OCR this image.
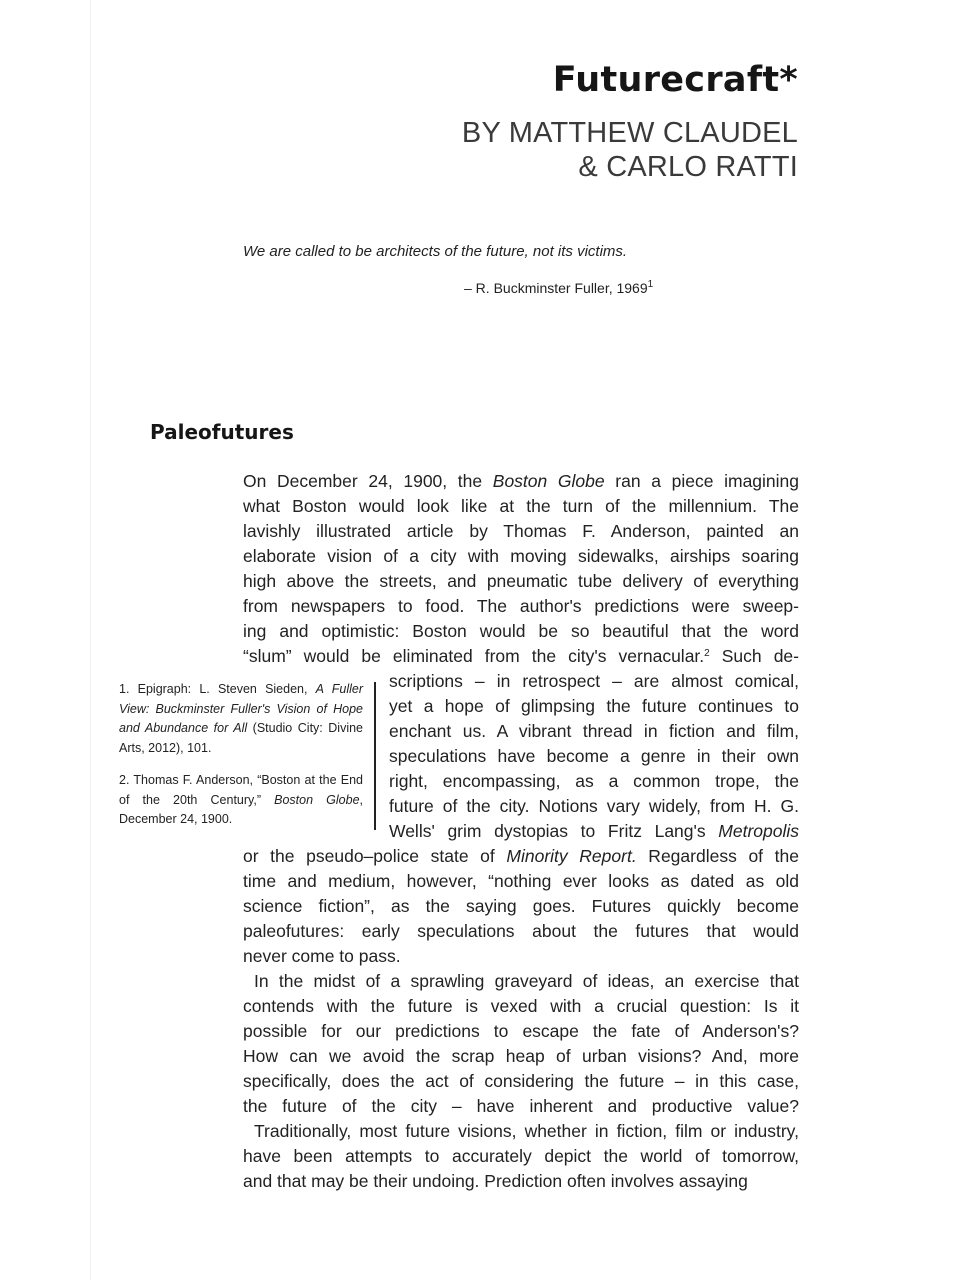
Futurecraft*
BY MATTHEW CLAUDEL
& CARLO RATTI
We are called to be architects of the future, not its victims.
– R. Buckminster Fuller, 1969$^1$
Paleofutures
On December 24, 1900, the Boston Globe ran a piece imagining
what Boston would look like at the turn of the millennium. The
lavishly illustrated article by Thomas F. Anderson, painted an
elaborate vision of a city with moving sidewalks, airships soaring
high above the streets, and pneumatic tube delivery of everything
from newspapers to food. The author's predictions were sweep-
ing and optimistic: Boston would be so beautiful that the word
“slum” would be eliminated from the city's vernacular.$^2$ Such de-
scriptions – in retrospect – are almost comical,
yet a hope of glimpsing the future continues to
enchant us. A vibrant thread in fiction and film,
speculations have become a genre in their own
right, encompassing, as a common trope, the
future of the city. Notions vary widely, from H. G.
Wells' grim dystopias to Fritz Lang's Metropolis
or the pseudo–police state of Minority Report. Regardless of the
time and medium, however, “nothing ever looks as dated as old
science fiction”, as the saying goes. Futures quickly become
paleofutures: early speculations about the futures that would
never come to pass.
In the midst of a sprawling graveyard of ideas, an exercise that
contends with the future is vexed with a crucial question: Is it
possible for our predictions to escape the fate of Anderson's?
How can we avoid the scrap heap of urban visions? And, more
specifically, does the act of considering the future – in this case,
the future of the city – have inherent and productive value?
Traditionally, most future visions, whether in fiction, film or industry,
have been attempts to accurately depict the world of tomorrow,
and that may be their undoing. Prediction often involves assaying
1. Epigraph: L. Steven Sieden, A Fuller View: Buckminster Fuller's Vision of Hope and Abundance for All (Studio City: Divine Arts, 2012), 101.
2. Thomas F. Anderson, “Boston at the End of the 20th Century,” Boston Globe, December 24, 1900.
